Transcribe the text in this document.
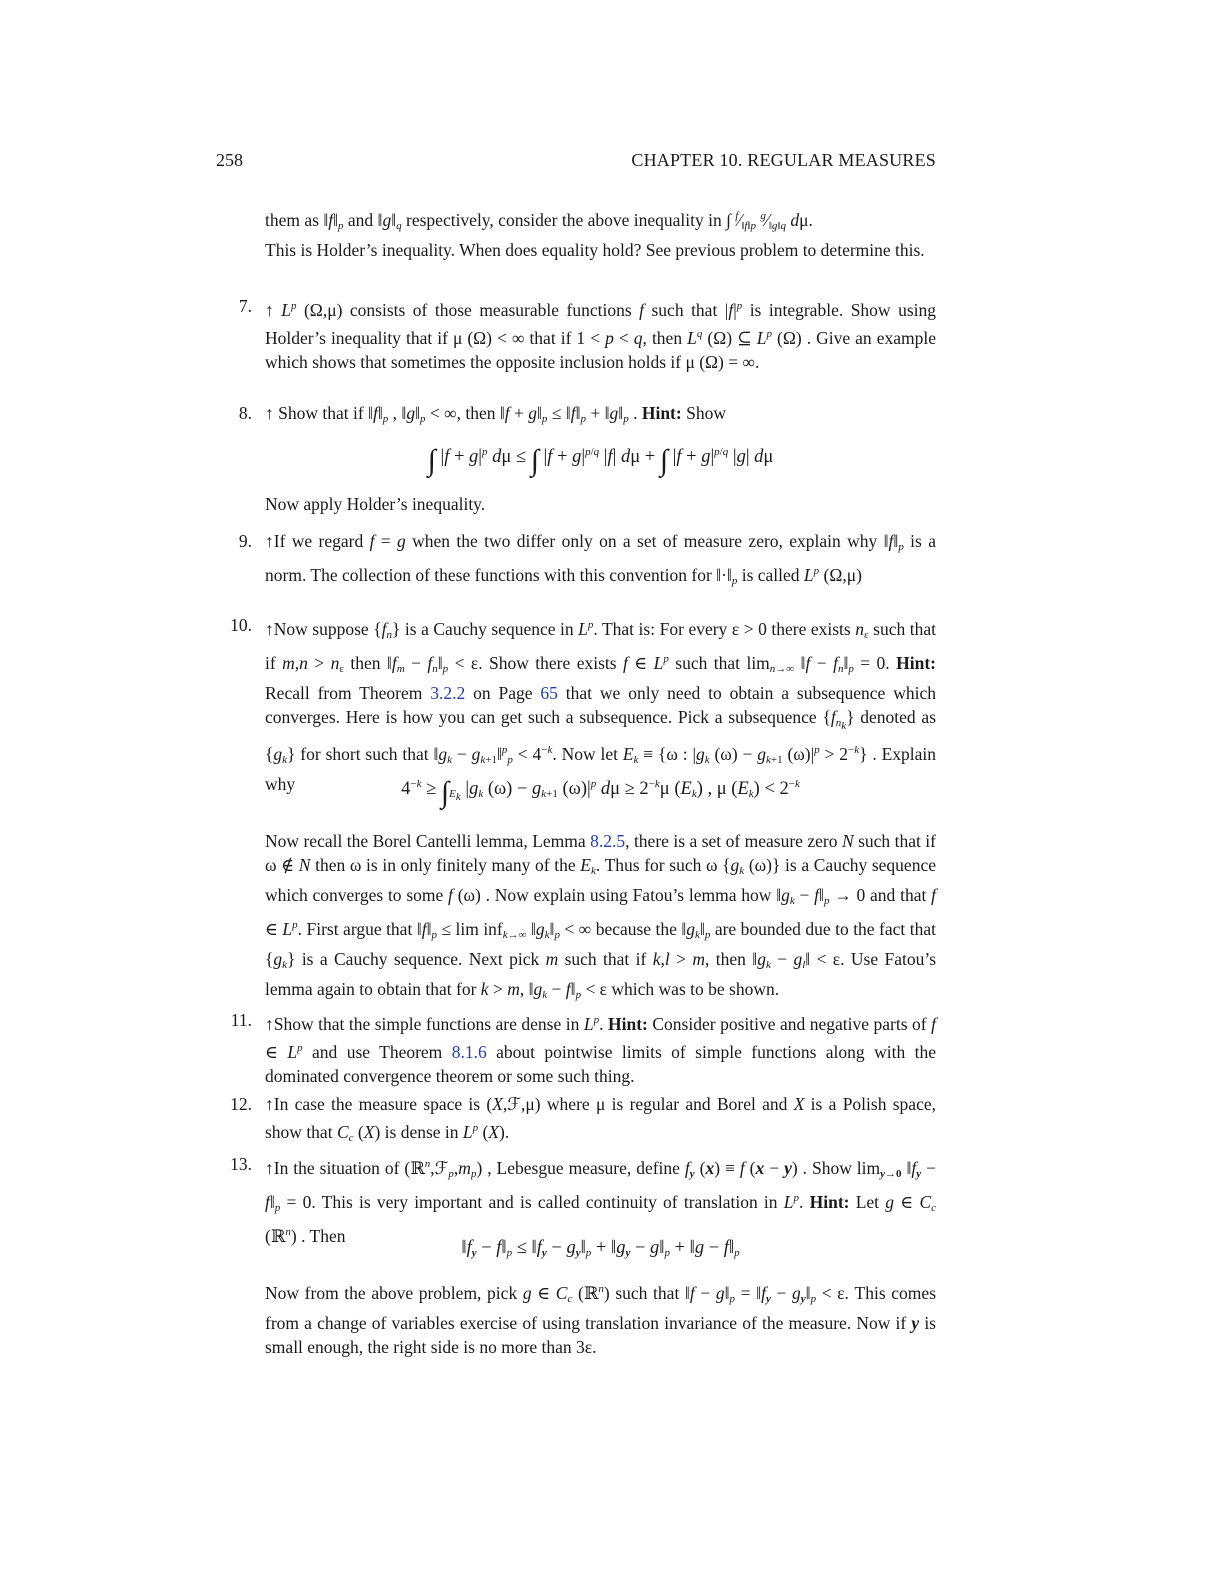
258	CHAPTER 10. REGULAR MEASURES

them as $‖f‖_p$ and $‖g‖_q$ respectively, consider the above inequality in ∫ $^f⁄_{‖f‖p}$ $^g⁄_{‖g‖q}$ dμ.

This is Holder’s inequality. When does equality hold? See previous problem to determine this.

7. ↑ $L^p$ (Ω,μ) consists of those measurable functions f such that $|f|^p$ is integrable. Show using Holder’s inequality that if μ (Ω) < ∞ that if 1 < p < q, then $L^q$ (Ω) ⊆ $L^p$ (Ω) . Give an example which shows that sometimes the opposite inclusion holds if μ (Ω) = ∞.

8. ↑ Show that if $‖f‖_p$ , $‖g‖_p$ < ∞, then ‖f + $g‖_p$ ≤ $‖f‖_p$ + $‖g‖_p$ . Hint: Show

∫ $|f + g|^p$ dμ ≤ ∫ $|f + g|^{p/q}$ |f| dμ + ∫ $|f + g|^{p/q}$ |g| dμ

Now apply Holder’s inequality.

9. ↑If we regard f = g when the two differ only on a set of measure zero, explain why $‖f‖_p$ is a norm. The collection of these functions with this convention for $‖\cdot‖_p$ is called $L^p$ (Ω,μ)

10. ↑Now suppose $\{f_n\}$ is a Cauchy sequence in $L^p$. That is: For every ε > 0 there exists $n_\varepsilon$ such that if $m,n > n_\varepsilon$ then $‖f_m$ − $f_n‖_p < \varepsilon$. Show there exists f ∈ $L^p$ such that $\lim_{n\to\infty}$ ‖f − $f_n‖_p = 0$. Hint: Recall from Theorem 3.2.2 on Page 65 that we only need to obtain a subsequence which converges. Here is how you can get such a subsequence. Pick a subsequence $\{f_{n_k}\}$ denoted as $\{g_k\}$ for short such that $‖g_k$ − $g_{k+1}‖^p_p < 4^{-k}$. Now let $E_k \equiv \{\omega$ : $|g_k$ $(\omega) - g_{k+1}$ $(\omega)|^p > 2^{-k}$} . Explain why	$4^{-k} \ge \int_{E_k}$ $|g_k$ $(\omega) - g_{k+1}$ $(\omega)|^p$ $d\mu \ge 2^{-k}\mu$ $(E_k)$ , μ $(E_k) < 2^{-k}$

Now recall the Borel Cantelli lemma, Lemma 8.2.5, there is a set of measure zero N such that if ω ∉ N then ω is in only finitely many of the $E_k$. Thus for such ω {$g_k$ (ω)} is a Cauchy sequence which converges to some f (ω) . Now explain using Fatou’s lemma how $‖g_k$ − $f‖_p \to 0$ and that f ∈ $L^p$. First argue that $‖f‖_p \le \lim inf_{k\to\infty}$ $‖g_k‖_p$ < ∞ because the $‖g_k‖_p$ are bounded due to the fact that $\{g_k\}$ is a Cauchy sequence. Next pick m such that if k,l > m, then $‖g_k$ − $g_l‖ < \varepsilon$. Use Fatou’s lemma again to obtain that for k > m, $‖g_k$ − $f‖_p < \varepsilon$ which was to be shown.

11. ↑Show that the simple functions are dense in $L^p$. Hint: Consider positive and negative parts of f ∈ $L^p$ and use Theorem 8.1.6 about pointwise limits of simple functions along with the dominated convergence theorem or some such thing.

12. ↑In case the measure space is (X,ℱ,μ) where μ is regular and Borel and X is a Polish space, show that $C_c$ (X) is dense in $L^p$ (X).

13. ↑In the situation of $(ℝ^n,ℱ_p,m_p)$ , Lebesgue measure, define $f_y$ (x) ≡ f (x − y) . Show $\lim_{y\to 0}$ $‖f_y$ − $f‖_p = 0$. This is very important and is called continuity of translation in $L^p$. Hint: Let g ∈ $C_c$ (ℝ$^n$) . Then

$‖f_y$ − $f‖_p$ ≤ $‖f_y$ − $g_y‖_p$ + $‖g_y$ − $g‖_p$ + ‖g − $f‖_p$

Now from the above problem, pick g ∈ $C_c$ (ℝ$^n$) such that ‖f − $g‖_p$ = $‖f_y$ − $g_y‖_p < \varepsilon$. This comes from a change of variables exercise of using translation invariance of the measure. Now if y is small enough, the right side is no more than 3ε.
